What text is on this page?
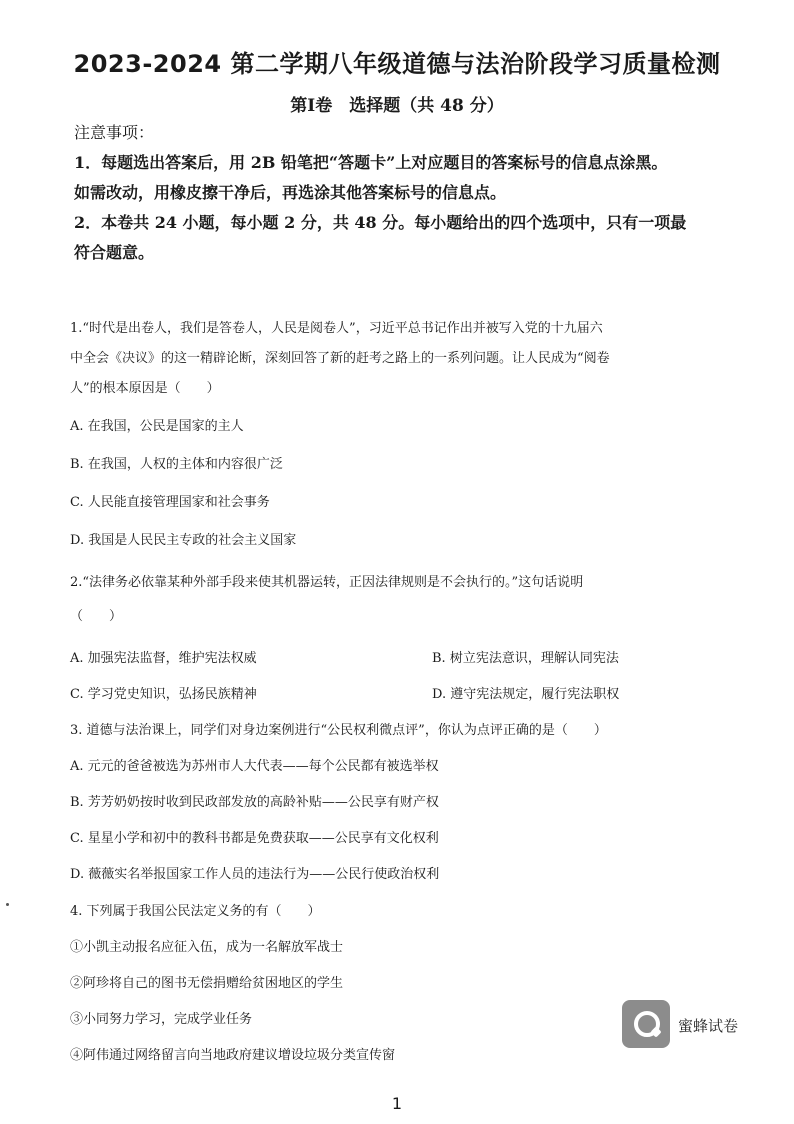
2023-2024 第二学期八年级道德与法治阶段学习质量检测
第Ⅰ卷　选择题（共 48 分）
注意事项：

1．每题选出答案后，用 2B 铅笔把“答题卡”上对应题目的答案标号的信息点涂黑。

如需改动，用橡皮擦干净后，再选涂其他答案标号的信息点。

2．本卷共 24 小题，每小题 2 分，共 48 分。每小题给出的四个选项中，只有一项最

符合题意。

1.“时代是出卷人，我们是答卷人，人民是阅卷人”，习近平总书记作出并被写入党的十九届六

中全会《决议》的这一精辟论断，深刻回答了新的赶考之路上的一系列问题。让人民成为“阅卷

人”的根本原因是（　　）

A. 在我国，公民是国家的主人

B. 在我国，人权的主体和内容很广泛

C. 人民能直接管理国家和社会事务

D. 我国是人民民主专政的社会主义国家

2.“法律务必依靠某种外部手段来使其机器运转，正因法律规则是不会执行的。”这句话说明

（　　）

A. 加强宪法监督，维护宪法权威	B. 树立宪法意识，理解认同宪法
C. 学习党史知识，弘扬民族精神	D. 遵守宪法规定，履行宪法职权

3. 道德与法治课上，同学们对身边案例进行“公民权利微点评”，你认为点评正确的是（　　）

A. 元元的爸爸被选为苏州市人大代表——每个公民都有被选举权

B. 芳芳奶奶按时收到民政部发放的高龄补贴——公民享有财产权

C. 星星小学和初中的教科书都是免费获取——公民享有文化权利

D. 薇薇实名举报国家工作人员的违法行为——公民行使政治权利

4. 下列属于我国公民法定义务的有（　　）

①小凯主动报名应征入伍，成为一名解放军战士

②阿珍将自己的图书无偿捐赠给贫困地区的学生

③小同努力学习，完成学业任务

④阿伟通过网络留言向当地政府建议增设垃圾分类宣传窗

蜜蜂试卷
1
